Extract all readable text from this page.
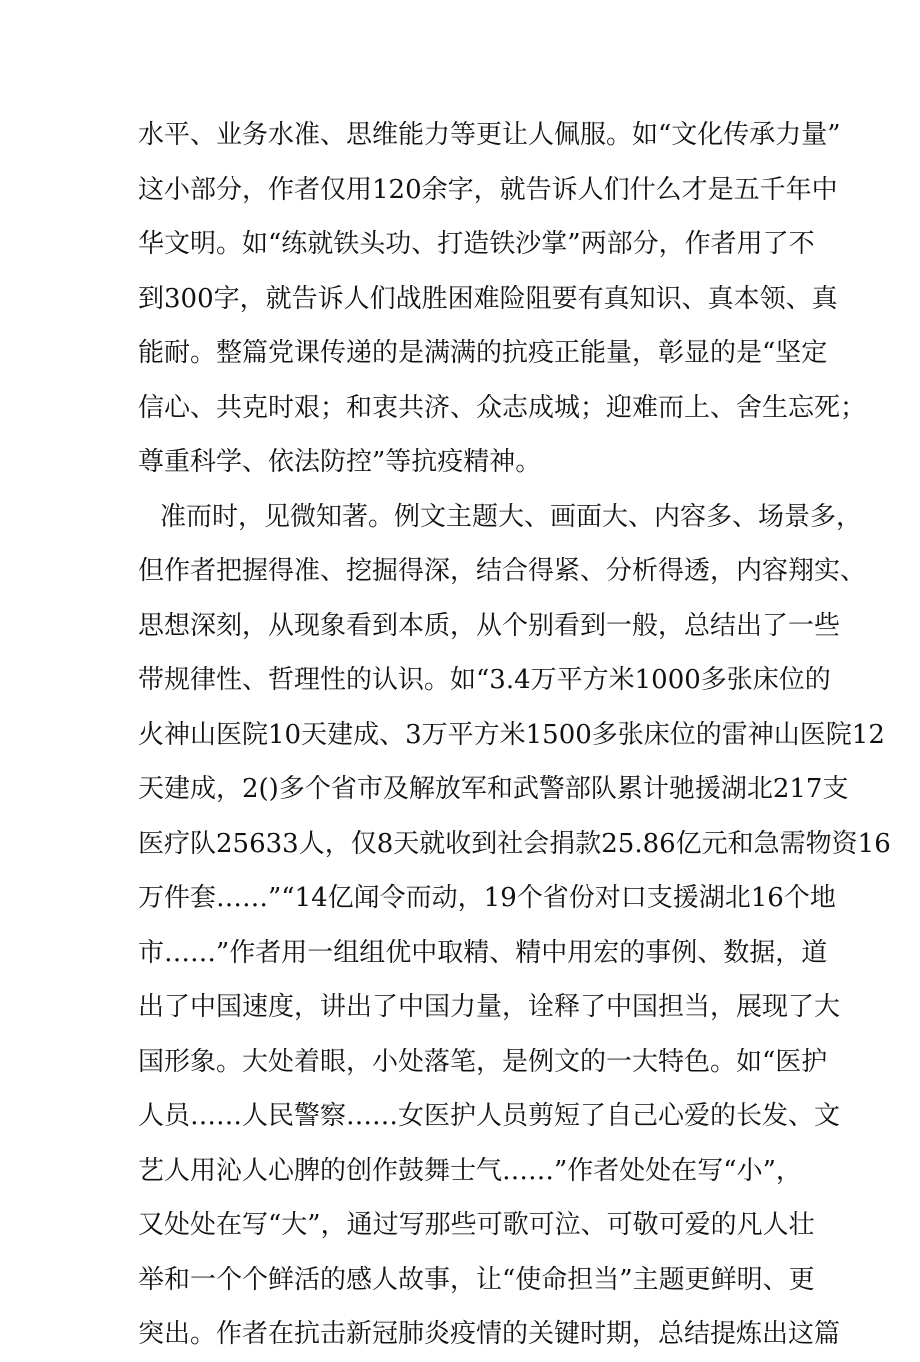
水平、业务水准、思维能力等更让人佩服。如“文化传承力量”
这小部分，作者仅用120余字，就告诉人们什么才是五千年中
华文明。如“练就铁头功、打造铁沙掌”两部分，作者用了不
到300字，就告诉人们战胜困难险阻要有真知识、真本领、真
能耐。整篇党课传递的是满满的抗疫正能量，彰显的是“坚定
信心、共克时艰；和衷共济、众志成城；迎难而上、舍生忘死；
尊重科学、依法防控”等抗疫精神。
准而时，见微知著。例文主题大、画面大、内容多、场景多，
但作者把握得准、挖掘得深，结合得紧、分析得透，内容翔实、
思想深刻，从现象看到本质，从个别看到一般，总结出了一些
带规律性、哲理性的认识。如“3.4万平方米1000多张床位的
火神山医院10天建成、3万平方米1500多张床位的雷神山医院12
天建成，2()多个省市及解放军和武警部队累计驰援湖北217支
医疗队25633人，仅8天就收到社会捐款25.86亿元和急需物资16
万件套……”“14亿闻令而动，19个省份对口支援湖北16个地
市……”作者用一组组优中取精、精中用宏的事例、数据，道
出了中国速度，讲出了中国力量，诠释了中国担当，展现了大
国形象。大处着眼，小处落笔，是例文的一大特色。如“医护
人员……人民警察……女医护人员剪短了自己心爱的长发、文
艺人用沁人心脾的创作鼓舞士气……”作者处处在写“小”，
又处处在写“大”，通过写那些可歌可泣、可敬可爱的凡人壮
举和一个个鲜活的感人故事，让“使命担当”主题更鲜明、更
突出。作者在抗击新冠肺炎疫情的关键时期，总结提炼出这篇
